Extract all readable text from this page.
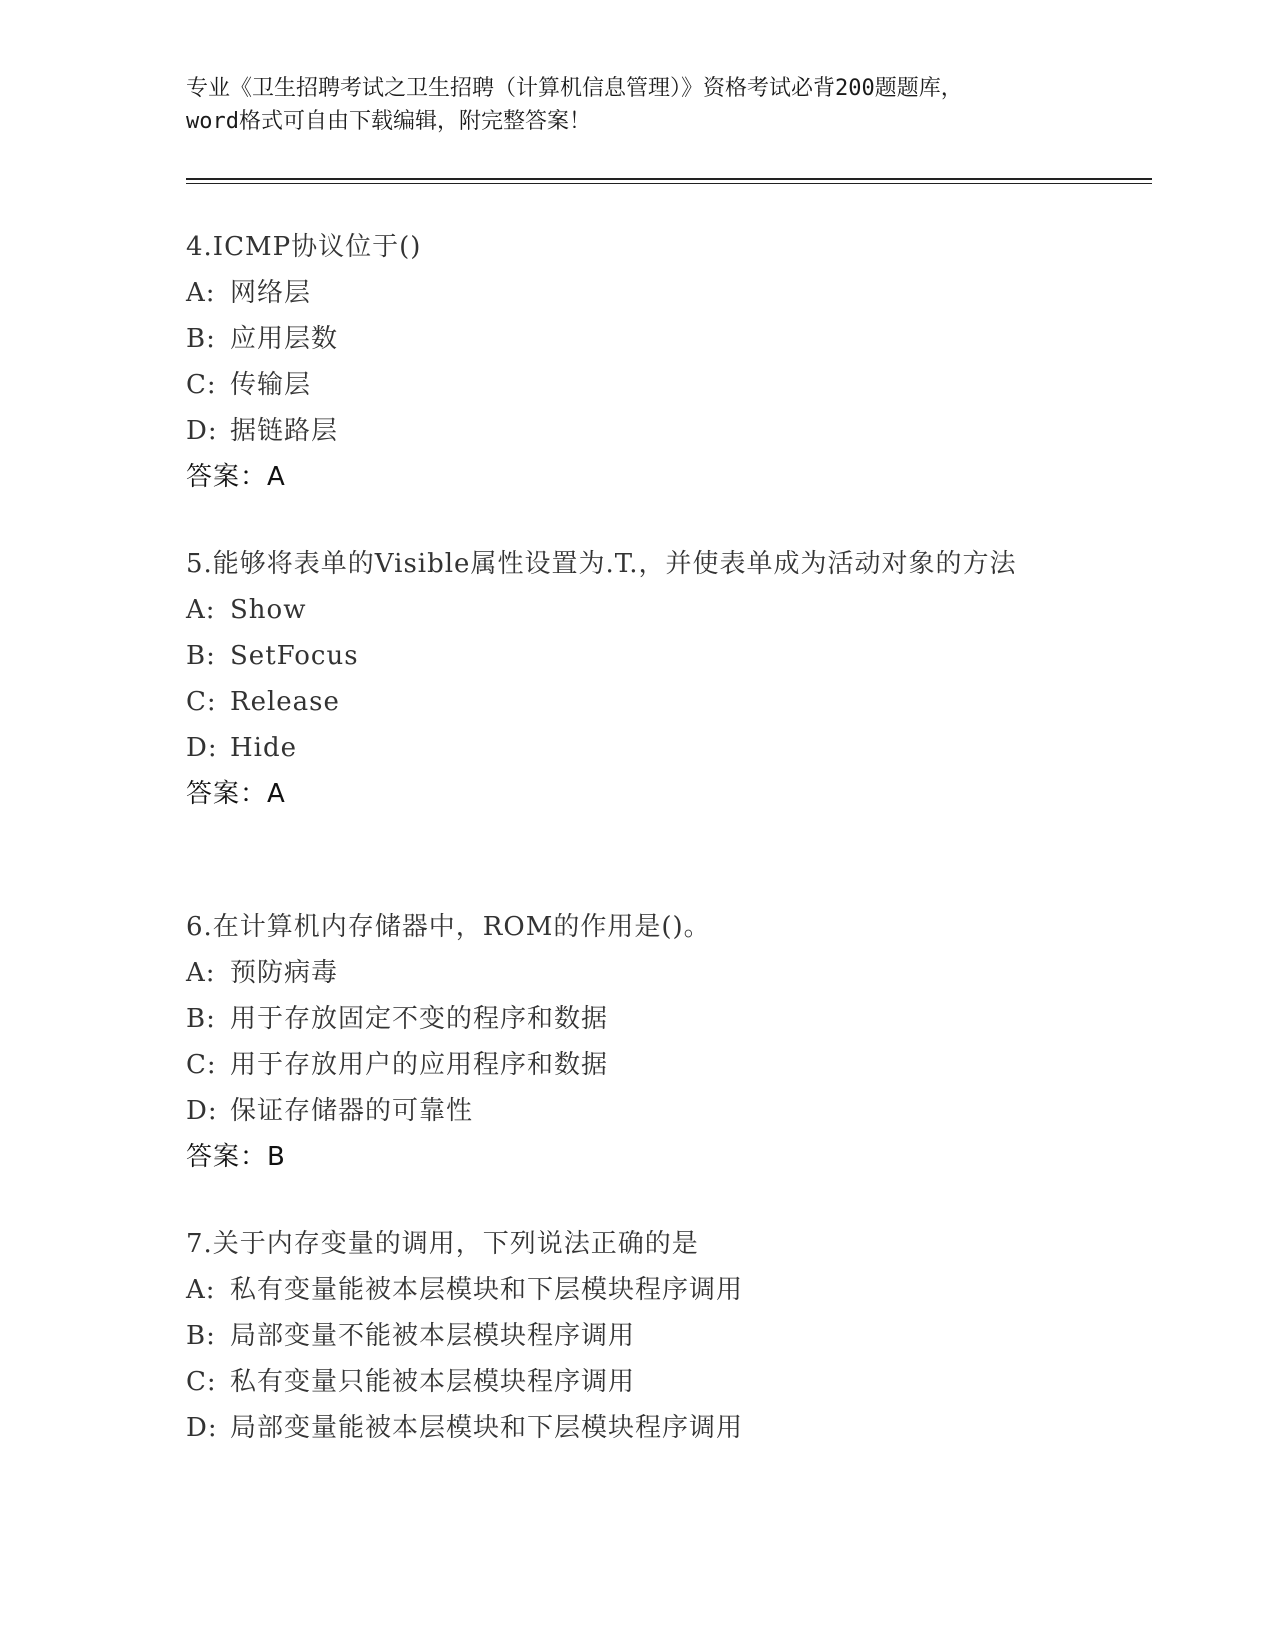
专业《卫生招聘考试之卫生招聘（计算机信息管理）》资格考试必背200题题库，
word格式可自由下载编辑，附完整答案！
4.ICMP协议位于()
A: 网络层
B: 应用层数
C: 传输层
D: 据链路层
答案：A
5.能够将表单的Visible属性设置为.T.，并使表单成为活动对象的方法
A: Show
B: SetFocus
C: Release
D: Hide
答案：A
6.在计算机内存储器中，ROM的作用是()。
A: 预防病毒
B: 用于存放固定不变的程序和数据
C: 用于存放用户的应用程序和数据
D: 保证存储器的可靠性
答案：B
7.关于内存变量的调用，下列说法正确的是
A: 私有变量能被本层模块和下层模块程序调用
B: 局部变量不能被本层模块程序调用
C: 私有变量只能被本层模块程序调用
D: 局部变量能被本层模块和下层模块程序调用
